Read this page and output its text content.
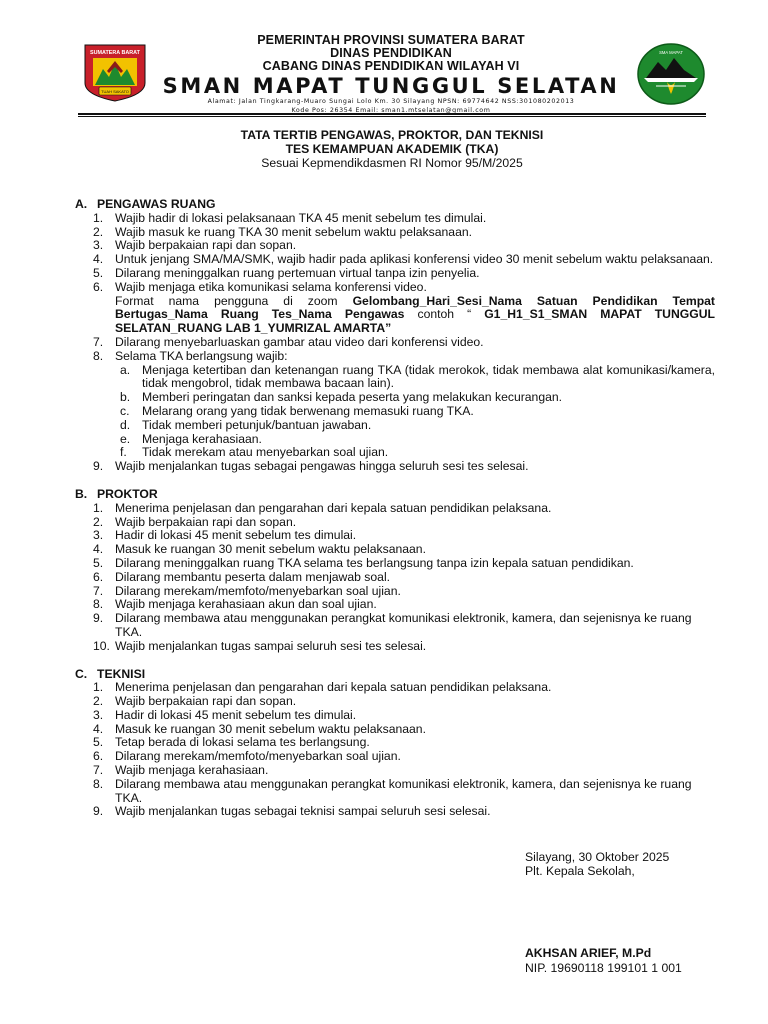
SUMATERA BARAT
TUAH SAKATO
PEMERINTAH PROVINSI SUMATERA BARAT
DINAS PENDIDIKAN
CABANG DINAS PENDIDIKAN WILAYAH VI
SMAN MAPAT TUNGGUL SELATAN
Alamat: Jalan Tingkarang-Muaro Sungai Lolo Km. 30 Silayang NPSN: 69774642 NSS:301080202013
Kode Pos: 26354 Email: sman1.mtselatan@gmail.com
SMA MAPAT
TATA TERTIB PENGAWAS, PROKTOR, DAN TEKNISI
TES KEMAMPUAN AKADEMIK (TKA)
Sesuai Kepmendikdasmen RI Nomor 95/M/2025
A. PENGAWAS RUANG
1. Wajib hadir di lokasi pelaksanaan TKA 45 menit sebelum tes dimulai.
2. Wajib masuk ke ruang TKA 30 menit sebelum waktu pelaksanaan.
3. Wajib berpakaian rapi dan sopan.
4. Untuk jenjang SMA/MA/SMK, wajib hadir pada aplikasi konferensi video 30 menit sebelum waktu pelaksanaan.
5. Dilarang meninggalkan ruang pertemuan virtual tanpa izin penyelia.
6. Wajib menjaga etika komunikasi selama konferensi video.
Format nama pengguna di zoom Gelombang_Hari_Sesi_Nama Satuan Pendidikan Tempat Bertugas_Nama Ruang Tes_Nama Pengawas contoh “ G1_H1_S1_SMAN MAPAT TUNGGUL SELATAN_RUANG LAB 1_YUMRIZAL AMARTA”
7. Dilarang menyebarluaskan gambar atau video dari konferensi video.
8. Selama TKA berlangsung wajib:
a. Menjaga ketertiban dan ketenangan ruang TKA (tidak merokok, tidak membawa alat komunikasi/kamera, tidak mengobrol, tidak membawa bacaan lain).
b. Memberi peringatan dan sanksi kepada peserta yang melakukan kecurangan.
c. Melarang orang yang tidak berwenang memasuki ruang TKA.
d. Tidak memberi petunjuk/bantuan jawaban.
e. Menjaga kerahasiaan.
f. Tidak merekam atau menyebarkan soal ujian.
9. Wajib menjalankan tugas sebagai pengawas hingga seluruh sesi tes selesai.
B. PROKTOR
1. Menerima penjelasan dan pengarahan dari kepala satuan pendidikan pelaksana.
2. Wajib berpakaian rapi dan sopan.
3. Hadir di lokasi 45 menit sebelum tes dimulai.
4. Masuk ke ruangan 30 menit sebelum waktu pelaksanaan.
5. Dilarang meninggalkan ruang TKA selama tes berlangsung tanpa izin kepala satuan pendidikan.
6. Dilarang membantu peserta dalam menjawab soal.
7. Dilarang merekam/memfoto/menyebarkan soal ujian.
8. Wajib menjaga kerahasiaan akun dan soal ujian.
9. Dilarang membawa atau menggunakan perangkat komunikasi elektronik, kamera, dan sejenisnya ke ruang TKA.
10. Wajib menjalankan tugas sampai seluruh sesi tes selesai.
C. TEKNISI
1. Menerima penjelasan dan pengarahan dari kepala satuan pendidikan pelaksana.
2. Wajib berpakaian rapi dan sopan.
3. Hadir di lokasi 45 menit sebelum tes dimulai.
4. Masuk ke ruangan 30 menit sebelum waktu pelaksanaan.
5. Tetap berada di lokasi selama tes berlangsung.
6. Dilarang merekam/memfoto/menyebarkan soal ujian.
7. Wajib menjaga kerahasiaan.
8. Dilarang membawa atau menggunakan perangkat komunikasi elektronik, kamera, dan sejenisnya ke ruang TKA.
9. Wajib menjalankan tugas sebagai teknisi sampai seluruh sesi selesai.
Silayang, 30 Oktober 2025
Plt. Kepala Sekolah,
AKHSAN ARIEF, M.Pd
NIP. 19690118 199101 1 001
